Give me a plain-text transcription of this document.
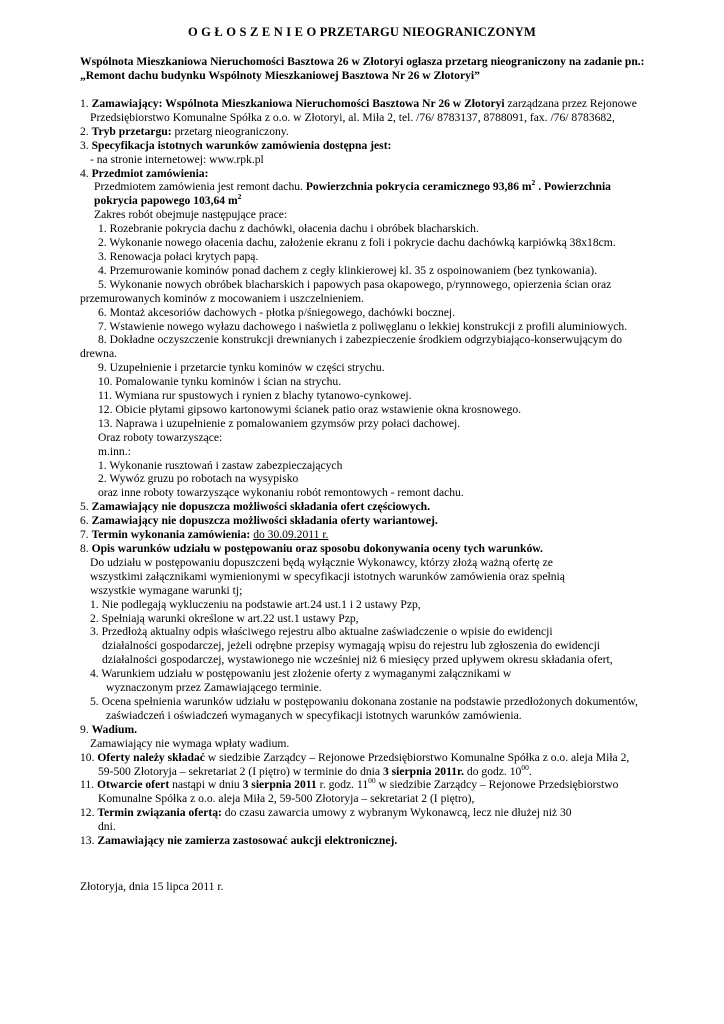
O G Ł O S Z E N I E O PRZETARGU NIEOGRANICZONYM
Wspólnota Mieszkaniowa Nieruchomości Basztowa 26 w Złotoryi ogłasza przetarg nieograniczony na zadanie pn.:
„Remont dachu budynku Wspólnoty Mieszkaniowej Basztowa Nr 26 w Złotoryi”
1. Zamawiający: Wspólnota Mieszkaniowa Nieruchomości Basztowa Nr 26 w Złotoryi zarządzana przez Rejonowe
Przedsiębiorstwo Komunalne Spółka z o.o. w Złotoryi, al. Miła 2, tel. /76/ 8783137, 8788091, fax. /76/ 8783682,
2. Tryb przetargu: przetarg nieograniczony.
3. Specyfikacja istotnych warunków zamówienia dostępna jest:
- na stronie internetowej: www.rpk.pl
4. Przedmiot zamówienia:
Przedmiotem zamówienia jest remont dachu. Powierzchnia pokrycia ceramicznego 93,86 $m^2$ . Powierzchnia
pokrycia papowego 103,64 $m^2$
Zakres robót obejmuje następujące prace:
1. Rozebranie pokrycia dachu z dachówki, ołacenia dachu i obróbek blacharskich.
2. Wykonanie nowego ołacenia dachu, założenie ekranu z foli i pokrycie dachu dachówką karpiówką 38x18cm.
3. Renowacja połaci krytych papą.
4. Przemurowanie kominów ponad dachem z cegły klinkierowej kl. 35 z ospoinowaniem (bez tynkowania).
5. Wykonanie nowych obróbek blacharskich i papowych pasa okapowego, p/rynnowego, opierzenia ścian oraz
przemurowanych kominów z mocowaniem i uszczelnieniem.
6. Montaż akcesoriów dachowych - płotka p/śniegowego, dachówki bocznej.
7. Wstawienie nowego wyłazu dachowego i naświetla z poliwęglanu o lekkiej konstrukcji z profili aluminiowych.
8. Dokładne oczyszczenie konstrukcji drewnianych i zabezpieczenie środkiem odgrzybiająco-konserwującym do
drewna.
9. Uzupełnienie i przetarcie tynku kominów w części strychu.
10. Pomalowanie tynku kominów i ścian na strychu.
11. Wymiana rur spustowych i rynien z blachy tytanowo-cynkowej.
12. Obicie płytami gipsowo kartonowymi ścianek patio oraz wstawienie okna krosnowego.
13. Naprawa i uzupełnienie z pomalowaniem gzymsów przy połaci dachowej.
Oraz roboty towarzyszące:
m.inn.:
1. Wykonanie rusztowań i zastaw zabezpieczających
2. Wywóz gruzu po robotach na wysypisko
oraz inne roboty towarzyszące wykonaniu robót remontowych - remont dachu.
5. Zamawiający nie dopuszcza możliwości składania ofert częściowych.
6. Zamawiający nie dopuszcza możliwości składania oferty wariantowej.
7. Termin wykonania zamówienia: do 30.09.2011 r.
8. Opis warunków udziału w postępowaniu oraz sposobu dokonywania oceny tych warunków.
Do udziału w postępowaniu dopuszczeni będą wyłącznie Wykonawcy, którzy złożą ważną ofertę ze
wszystkimi załącznikami wymienionymi w specyfikacji istotnych warunków zamówienia oraz spełnią
wszystkie wymagane warunki tj;
1. Nie podlegają wykluczeniu na podstawie art.24 ust.1 i 2 ustawy Pzp,
2. Spełniają warunki określone w art.22 ust.1 ustawy Pzp,
3. Przedłożą aktualny odpis właściwego rejestru albo aktualne zaświadczenie o wpisie do ewidencji
działalności gospodarczej, jeżeli odrębne przepisy wymagają wpisu do rejestru lub zgłoszenia do ewidencji
działalności gospodarczej, wystawionego nie wcześniej niż 6 miesięcy przed upływem okresu składania ofert,
4. Warunkiem udziału w postępowaniu jest złożenie oferty z wymaganymi załącznikami w
wyznaczonym przez Zamawiającego terminie.
5. Ocena spełnienia warunków udziału w postępowaniu dokonana zostanie na podstawie przedłożonych dokumentów,
zaświadczeń i oświadczeń wymaganych w specyfikacji istotnych warunków zamówienia.
9. Wadium.
Zamawiający nie wymaga wpłaty wadium.
10. Oferty należy składać w siedzibie Zarządcy – Rejonowe Przedsiębiorstwo Komunalne Spółka z o.o. aleja Miła 2,
59-500 Złotoryja – sekretariat 2 (I piętro) w terminie do dnia 3 sierpnia 2011r. do godz. $10^{00}$.
11. Otwarcie ofert nastąpi w dniu 3 sierpnia 2011 r. godz. $11^{00}$ w siedzibie Zarządcy – Rejonowe Przedsiębiorstwo
Komunalne Spółka z o.o. aleja Miła 2, 59-500 Złotoryja – sekretariat 2 (I piętro),
12. Termin związania ofertą: do czasu zawarcia umowy z wybranym Wykonawcą, lecz nie dłużej niż 30
dni.
13. Zamawiający nie zamierza zastosować aukcji elektronicznej.
Złotoryja, dnia 15 lipca 2011 r.
